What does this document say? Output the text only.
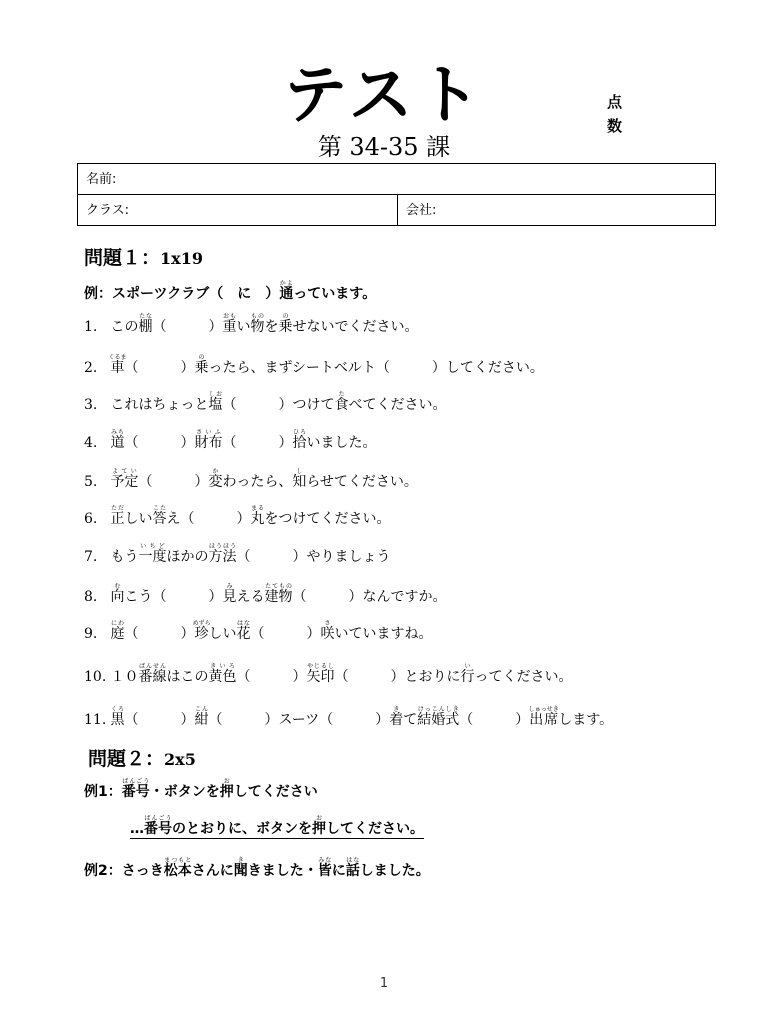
テスト
第 34-35 課
点数
名前:
クラス:	会社:
問題１：1x19
例：スポーツクラブ（　に　）通かよっています。
1. この棚たな（　　　）重おもい物ものを乗のせないでください。
2. 車くるま（　　　）乗のったら、まずシートベルト（　　　）してください。
3. これはちょっと塩しお（　　　）つけて食たべてください。
4. 道みち（　　　）財布さいふ（　　　）拾ひろいました。
5. 予定よてい（　　　）変かわったら、知しらせてください。
6. 正ただしい答こたえ（　　　）丸まるをつけてください。
7. もう一度いちどほかの方法ほうほう（　　　）やりましょう
8. 向むこう（　　　）見みえる建物たてもの（　　　）なんですか。
9. 庭にわ（　　　）珍めずらしい花はな（　　　）咲さいていますね。
10. １０番線ばんせんはこの黄色きいろ（　　　）矢印やじるし（　　　）とおりに行いってください。
11. 黒くろ（　　　）紺こん（　　　）スーツ（　　　）着きて結婚式けっこんしき（　　　）出席しゅっせきします。
問題２：2x5
例1：番号ばんごう・ボタンを押おしてください
…番号ばんごうのとおりに、ボタンを押おしてください。
例2：さっき松本まつもとさんに聞ききました・皆みなに話はなしました。
1
